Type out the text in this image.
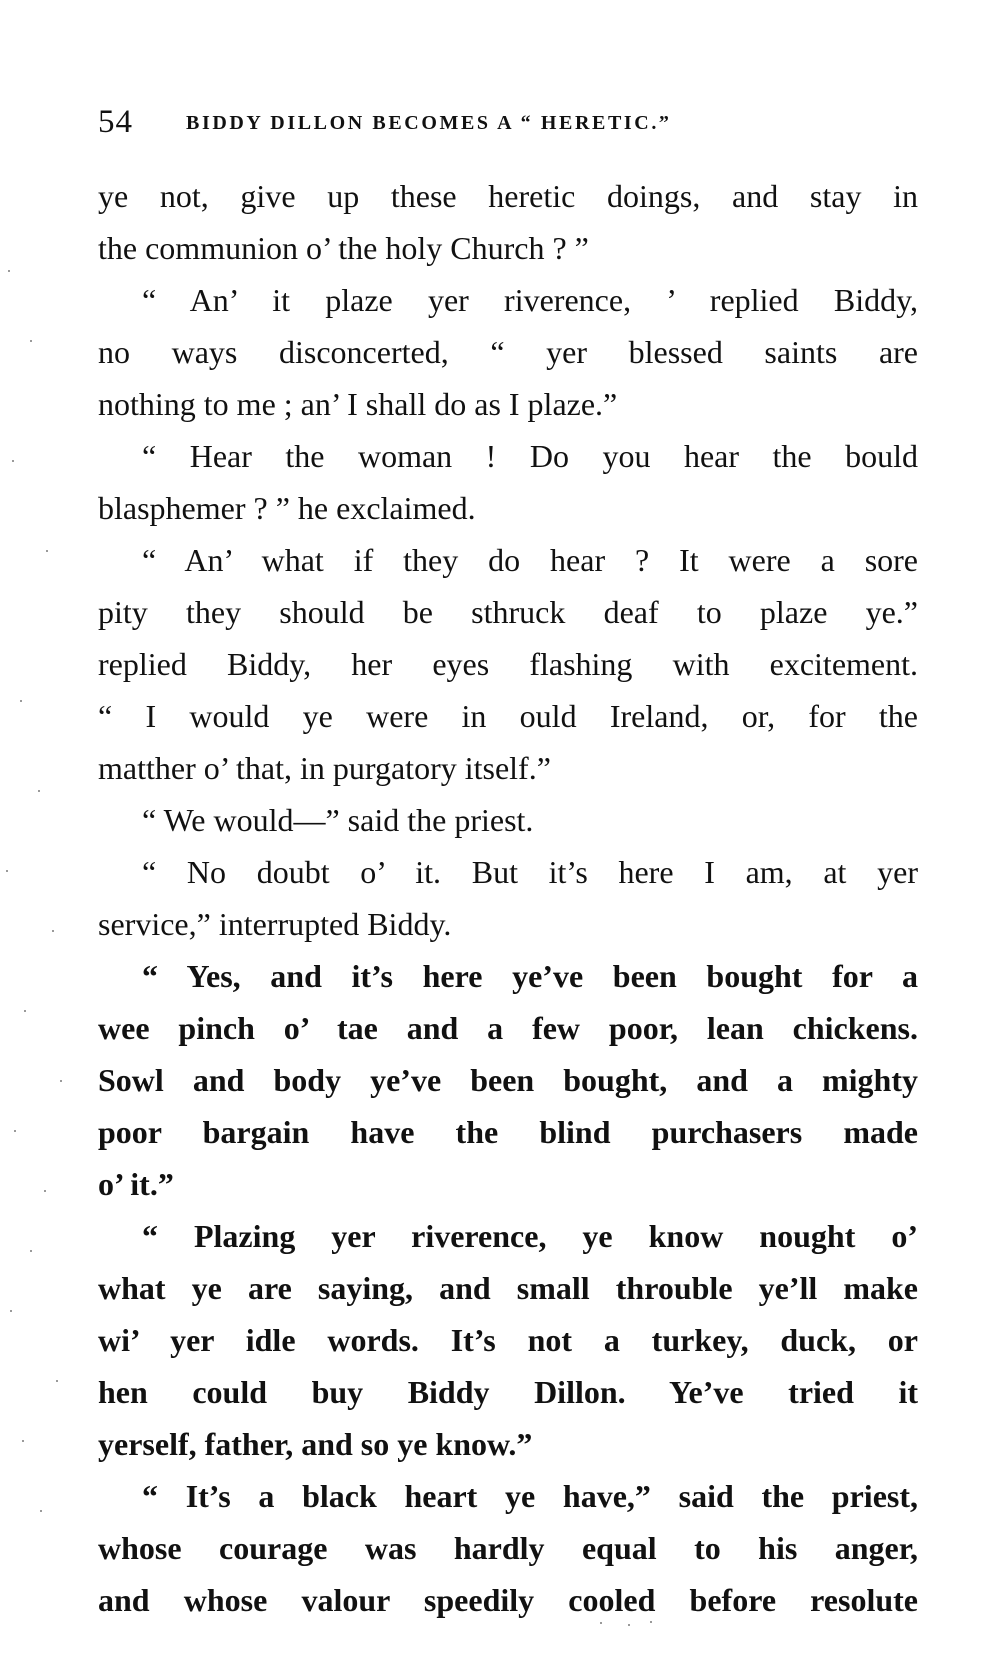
54	BIDDY DILLON BECOMES A “ HERETIC.”
ye not, give up these heretic doings, and stay in
the communion o’ the holy Church ? ”
“ An’ it plaze yer riverence, ’ replied Biddy,
no ways disconcerted, “ yer blessed saints are
nothing to me ; an’ I shall do as I plaze.”
“ Hear the woman ! Do you hear the bould
blasphemer ? ” he exclaimed.
“ An’ what if they do hear ? It were a sore
pity they should be sthruck deaf to plaze ye.”
replied Biddy, her eyes flashing with excitement.
“ I would ye were in ould Ireland, or, for the
matther o’ that, in purgatory itself.”
“ We would—” said the priest.
“ No doubt o’ it. But it’s here I am, at yer
service,” interrupted Biddy.
“ Yes, and it’s here ye’ve been bought for a
wee pinch o’ tae and a few poor, lean chickens.
Sowl and body ye’ve been bought, and a mighty
poor bargain have the blind purchasers made
o’ it.”
“ Plazing yer riverence, ye know nought o’
what ye are saying, and small throuble ye’ll make
wi’ yer idle words. It’s not a turkey, duck, or
hen could buy Biddy Dillon. Ye’ve tried it
yerself, father, and so ye know.”
“ It’s a black heart ye have,” said the priest,
whose courage was hardly equal to his anger,
and whose valour speedily cooled before resolute
